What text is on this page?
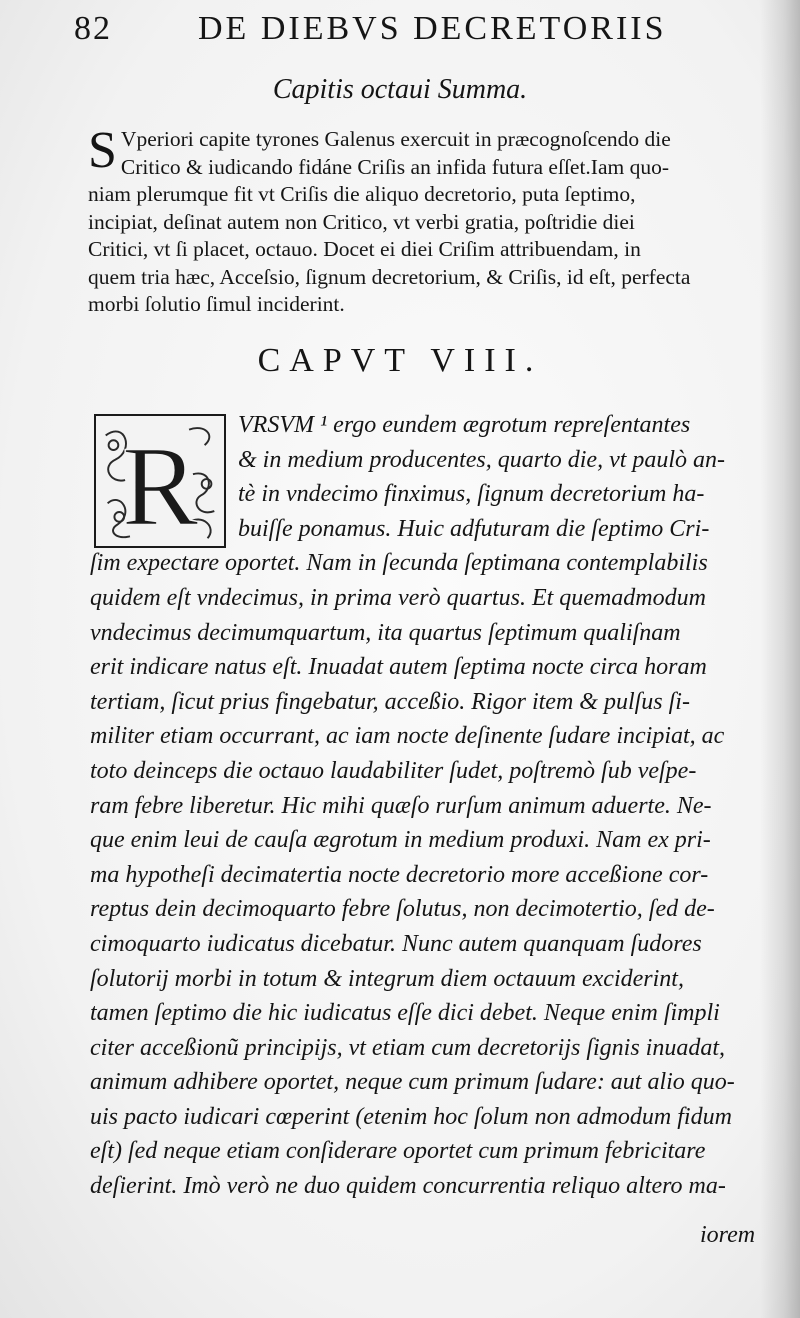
82	DE DIEBVS DECRETORIIS
Capitis octaui Summa.
S Vperiori capite tyrones Galenus exercuit in præcognoſcendo die
Critico & iudicando fidáne Criſis an infida futura eſſet.Iam quo-
niam plerumque fit vt Criſis die aliquo decretorio, puta ſeptimo,
incipiat, deſinat autem non Critico, vt verbi gratia, poſtridie diei
Critici, vt ſi placet, octauo. Docet ei diei Criſim attribuendam, in
quem tria hæc, Acceſsio, ſignum decretorium, & Criſis, id eſt, perfecta
morbi ſolutio ſimul inciderint.
CAPVT VIII.
R	VRSVM ¹ ergo eundem ægrotum repreſentantes
& in medium producentes, quarto die, vt paulò an-
tè in vndecimo finximus, ſignum decretorium ha-
buiſſe ponamus. Huic adfuturam die ſeptimo Cri-
ſim expectare oportet. Nam in ſecunda ſeptimana contemplabilis
quidem eſt vndecimus, in prima verò quartus. Et quemadmodum
vndecimus decimumquartum, ita quartus ſeptimum qualiſnam
erit indicare natus eſt. Inuadat autem ſeptima nocte circa horam
tertiam, ſicut prius fingebatur, acceßio. Rigor item & pulſus ſi-
militer etiam occurrant, ac iam nocte deſinente ſudare incipiat, ac
toto deinceps die octauo laudabiliter ſudet, poſtremò ſub veſpe-
ram febre liberetur. Hic mihi quæſo rurſum animum aduerte. Ne-
que enim leui de cauſa ægrotum in medium produxi. Nam ex pri-
ma hypotheſi decimatertia nocte decretorio more acceßione cor-
reptus dein decimoquarto febre ſolutus, non decimotertio, ſed de-
cimoquarto iudicatus dicebatur. Nunc autem quanquam ſudores
ſolutorij morbi in totum & integrum diem octauum exciderint,
tamen ſeptimo die hic iudicatus eſſe dici debet. Neque enim ſimpli
citer acceßionũ principijs, vt etiam cum decretorijs ſignis inuadat,
animum adhibere oportet, neque cum primum ſudare: aut alio quo-
uis pacto iudicari cœperint (etenim hoc ſolum non admodum fidum
eſt) ſed neque etiam conſiderare oportet cum primum febricitare
deſierint. Imò verò ne duo quidem concurrentia reliquo altero ma-
iorem
